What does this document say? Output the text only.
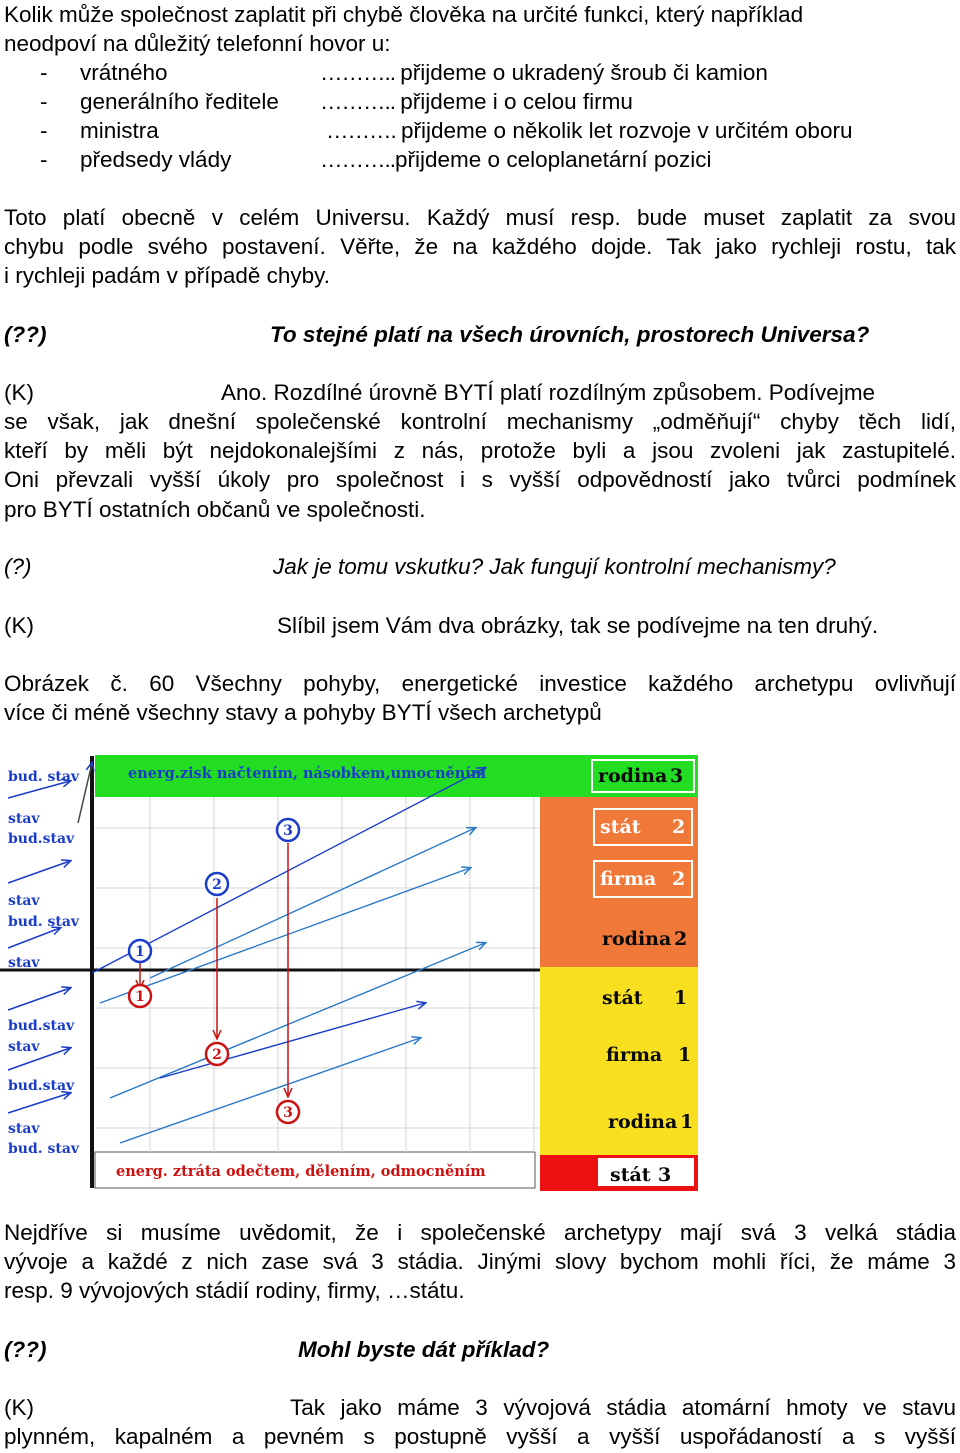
Kolik může společnost zaplatit při chybě člověka na určité funkci, který například
neodpoví na důležitý telefonní hovor u:
- vrátného	……….. přijdeme o ukradený šroub či kamion
- generálního ředitele ……….. přijdeme i o celou firmu
- ministra	………. přijdeme o několik let rozvoje v určitém oboru
- předsedy vlády	………..přijdeme o celoplanetární pozici
Toto platí obecně v celém Universu. Každý musí resp. bude muset zaplatit za svou
chybu podle svého postavení. Věřte, že na každého dojde. Tak jako rychleji rostu, tak
i rychleji padám v případě chyby.
(??)	To stejné platí na všech úrovních, prostorech Universa?
(K)	Ano. Rozdílné úrovně BYTÍ platí rozdílným způsobem. Podívejme
se však, jak dnešní společenské kontrolní mechanismy „odměňují“ chyby těch lidí,
kteří by měli být nejdokonalejšími z nás, protože byli a jsou zvoleni jak zastupitelé.
Oni převzali vyšší úkoly pro společnost i s vyšší odpovědností jako tvůrci podmínek
pro BYTÍ ostatních občanů ve společnosti.
(?)	Jak je tomu vskutku? Jak fungují kontrolní mechanismy?
(K)	Slíbil jsem Vám dva obrázky, tak se podívejme na ten druhý.
Obrázek č. 60 Všechny pohyby, energetické investice každého archetypu ovlivňují
více či méně všechny stavy a pohyby BYTÍ všech archetypů
bud. stav
stav
bud.stav
stav
bud. stav
stav
bud.stav
stav
bud.stav
stav
bud. stav
1
2
3
1
2
3
energ.zisk načtením, násobkem,umocněním
energ. ztráta odečtem, dělením, odmocněním
rodina 3
stát 2
firma 2
rodina 2
stát 1
firma 1
rodina 1
stát 3
Nejdříve si musíme uvědomit, že i společenské archetypy mají svá 3 velká stádia
vývoje a každé z nich zase svá 3 stádia. Jinými slovy bychom mohli říci, že máme 3
resp. 9 vývojových stádií rodiny, firmy, …státu.
(??)	Mohl byste dát příklad?
(K)	Tak jako máme 3 vývojová stádia atomární hmoty ve stavu
plynném, kapalném a pevném s postupně vyšší a vyšší uspořádaností a s vyšší
